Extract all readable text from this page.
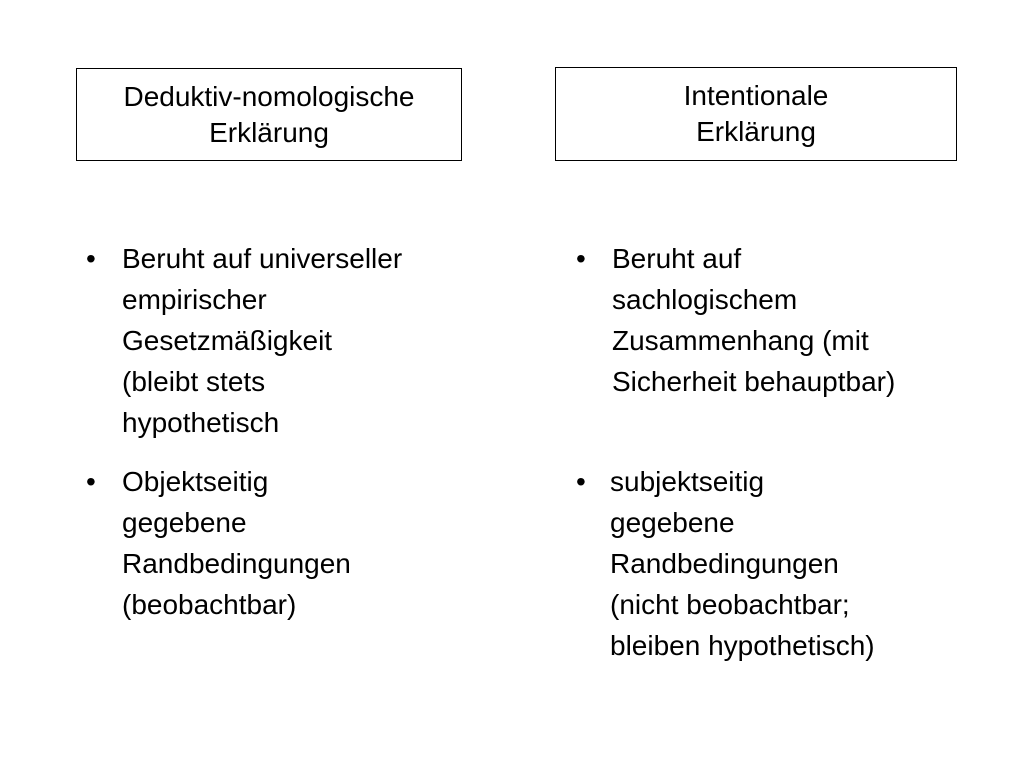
Deduktiv-nomologische
Erklärung
• Beruht auf universeller
empirischer
Gesetzmäßigkeit
(bleibt stets
hypothetisch
• Objektseitig
gegebene
Randbedingungen
(beobachtbar)
Intentionale
Erklärung
• Beruht auf
sachlogischem
Zusammenhang (mit
Sicherheit behauptbar)
• subjektseitig
gegebene
Randbedingungen
(nicht beobachtbar;
bleiben hypothetisch)
